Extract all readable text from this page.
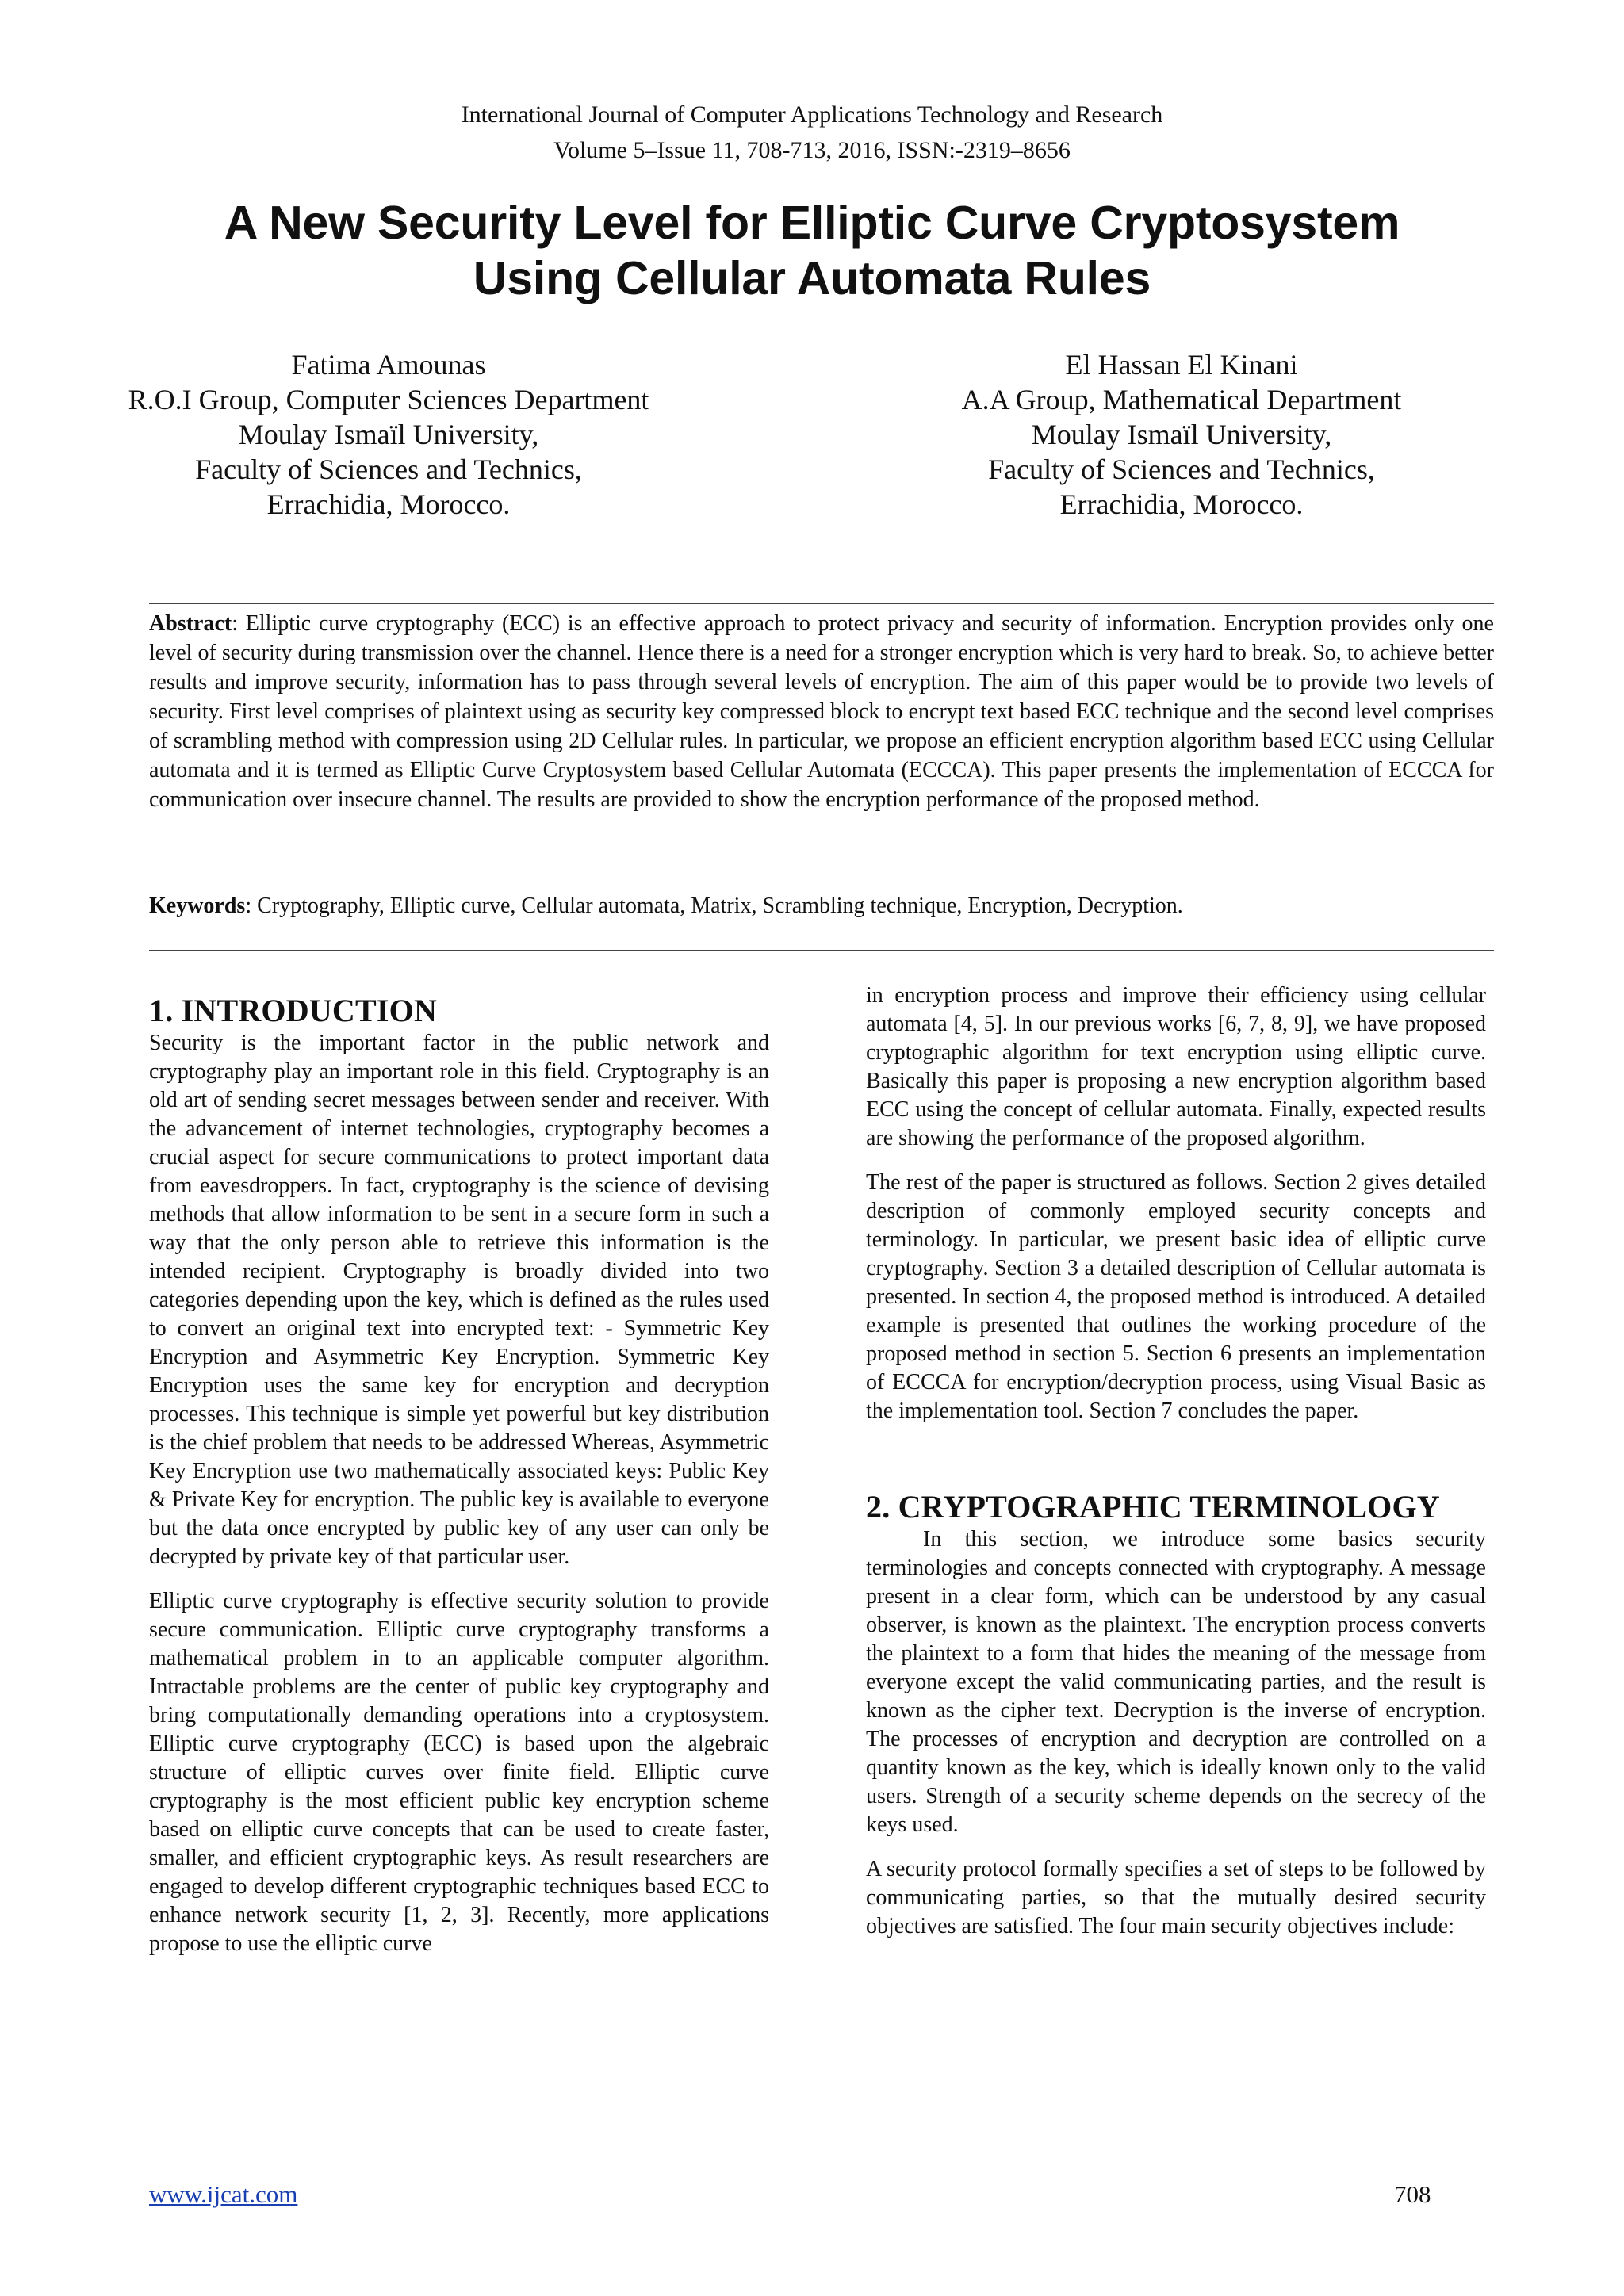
International Journal of Computer Applications Technology and Research
Volume 5–Issue 11, 708-713, 2016, ISSN:-2319–8656
A New Security Level for Elliptic Curve Cryptosystem
Using Cellular Automata Rules
Fatima Amounas
R.O.I Group, Computer Sciences Department
Moulay Ismaïl University,
Faculty of Sciences and Technics,
Errachidia, Morocco.
El Hassan El Kinani
A.A Group, Mathematical Department
Moulay Ismaïl University,
Faculty of Sciences and Technics,
Errachidia, Morocco.
Abstract: Elliptic curve cryptography (ECC) is an effective approach to protect privacy and security of information. Encryption provides only one level of security during transmission over the channel. Hence there is a need for a stronger encryption which is very hard to break. So, to achieve better results and improve security, information has to pass through several levels of encryption. The aim of this paper would be to provide two levels of security. First level comprises of plaintext using as security key compressed block to encrypt text based ECC technique and the second level comprises of scrambling method with compression using 2D Cellular rules. In particular, we propose an efficient encryption algorithm based ECC using Cellular automata and it is termed as Elliptic Curve Cryptosystem based Cellular Automata (ECCCA). This paper presents the implementation of ECCCA for communication over insecure channel. The results are provided to show the encryption performance of the proposed method.
Keywords: Cryptography, Elliptic curve, Cellular automata, Matrix, Scrambling technique, Encryption, Decryption.
1. INTRODUCTION

Security is the important factor in the public network and cryptography play an important role in this field. Cryptography is an old art of sending secret messages between sender and receiver. With the advancement of internet technologies, cryptography becomes a crucial aspect for secure communications to protect important data from eavesdroppers. In fact, cryptography is the science of devising methods that allow information to be sent in a secure form in such a way that the only person able to retrieve this information is the intended recipient. Cryptography is broadly divided into two categories depending upon the key, which is defined as the rules used to convert an original text into encrypted text: - Symmetric Key Encryption and Asymmetric Key Encryption. Symmetric Key Encryption uses the same key for encryption and decryption processes. This technique is simple yet powerful but key distribution is the chief problem that needs to be addressed Whereas, Asymmetric Key Encryption use two mathematically associated keys: Public Key & Private Key for encryption. The public key is available to everyone but the data once encrypted by public key of any user can only be decrypted by private key of that particular user.

Elliptic curve cryptography is effective security solution to provide secure communication. Elliptic curve cryptography transforms a mathematical problem in to an applicable computer algorithm. Intractable problems are the center of public key cryptography and bring computationally demanding operations into a cryptosystem. Elliptic curve cryptography (ECC) is based upon the algebraic structure of elliptic curves over finite field. Elliptic curve cryptography is the most efficient public key encryption scheme based on elliptic curve concepts that can be used to create faster, smaller, and efficient cryptographic keys. As result researchers are engaged to develop different cryptographic techniques based ECC to enhance network security [1, 2, 3]. Recently, more applications propose to use the elliptic curve

in encryption process and improve their efficiency using cellular automata [4, 5]. In our previous works [6, 7, 8, 9], we have proposed cryptographic algorithm for text encryption using elliptic curve. Basically this paper is proposing a new encryption algorithm based ECC using the concept of cellular automata. Finally, expected results are showing the performance of the proposed algorithm.

The rest of the paper is structured as follows. Section 2 gives detailed description of commonly employed security concepts and terminology. In particular, we present basic idea of elliptic curve cryptography. Section 3 a detailed description of Cellular automata is presented. In section 4, the proposed method is introduced. A detailed example is presented that outlines the working procedure of the proposed method in section 5. Section 6 presents an implementation of ECCCA for encryption/decryption process, using Visual Basic as the implementation tool. Section 7 concludes the paper.

2. CRYPTOGRAPHIC TERMINOLOGY

In this section, we introduce some basics security terminologies and concepts connected with cryptography. A message present in a clear form, which can be understood by any casual observer, is known as the plaintext. The encryption process converts the plaintext to a form that hides the meaning of the message from everyone except the valid communicating parties, and the result is known as the cipher text. Decryption is the inverse of encryption. The processes of encryption and decryption are controlled on a quantity known as the key, which is ideally known only to the valid users. Strength of a security scheme depends on the secrecy of the keys used.

A security protocol formally specifies a set of steps to be followed by communicating parties, so that the mutually desired security objectives are satisfied. The four main security objectives include:

www.ijcat.com	708
